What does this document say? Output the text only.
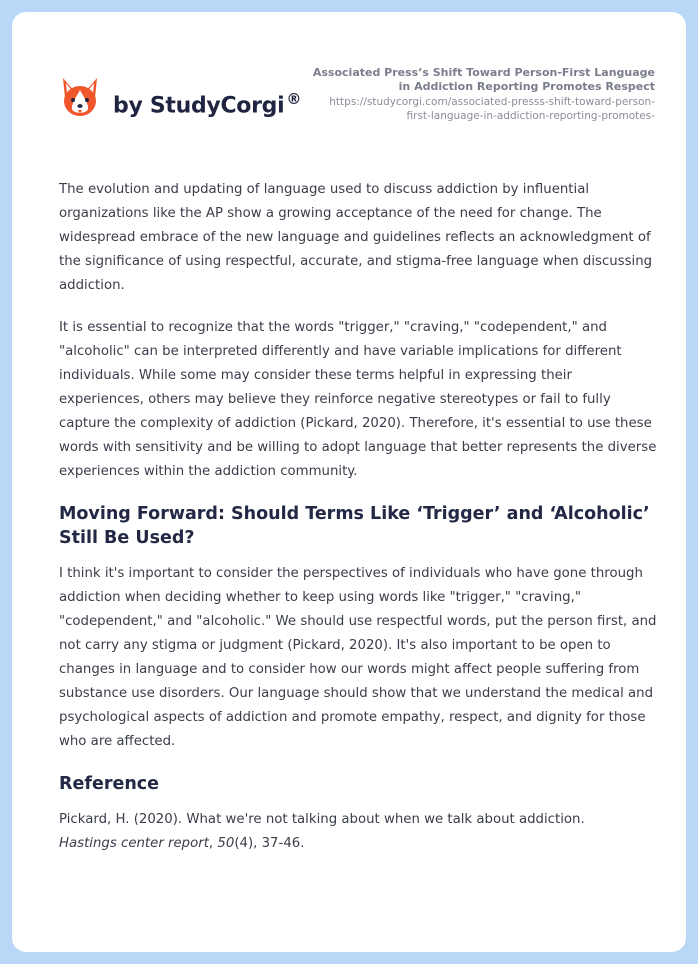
by StudyCorgi ®
Associated Press’s Shift Toward Person-First Language in Addiction Reporting Promotes Respect
https://studycorgi.com/associated-presss-shift-toward-person-first-language-in-addiction-reporting-promotes-

The evolution and updating of language used to discuss addiction by influential organizations like the AP show a growing acceptance of the need for change. The widespread embrace of the new language and guidelines reflects an acknowledgment of the significance of using respectful, accurate, and stigma-free language when discussing addiction.

It is essential to recognize that the words "trigger," "craving," "codependent," and "alcoholic" can be interpreted differently and have variable implications for different individuals. While some may consider these terms helpful in expressing their experiences, others may believe they reinforce negative stereotypes or fail to fully capture the complexity of addiction (Pickard, 2020). Therefore, it's essential to use these words with sensitivity and be willing to adopt language that better represents the diverse experiences within the addiction community.

Moving Forward: Should Terms Like ‘Trigger’ and ‘Alcoholic’ Still Be Used?

I think it's important to consider the perspectives of individuals who have gone through addiction when deciding whether to keep using words like "trigger," "craving," "codependent," and "alcoholic." We should use respectful words, put the person first, and not carry any stigma or judgment (Pickard, 2020). It's also important to be open to changes in language and to consider how our words might affect people suffering from substance use disorders. Our language should show that we understand the medical and psychological aspects of addiction and promote empathy, respect, and dignity for those who are affected.

Reference

Pickard, H. (2020). What we're not talking about when we talk about addiction.
Hastings center report, 50(4), 37-46.
